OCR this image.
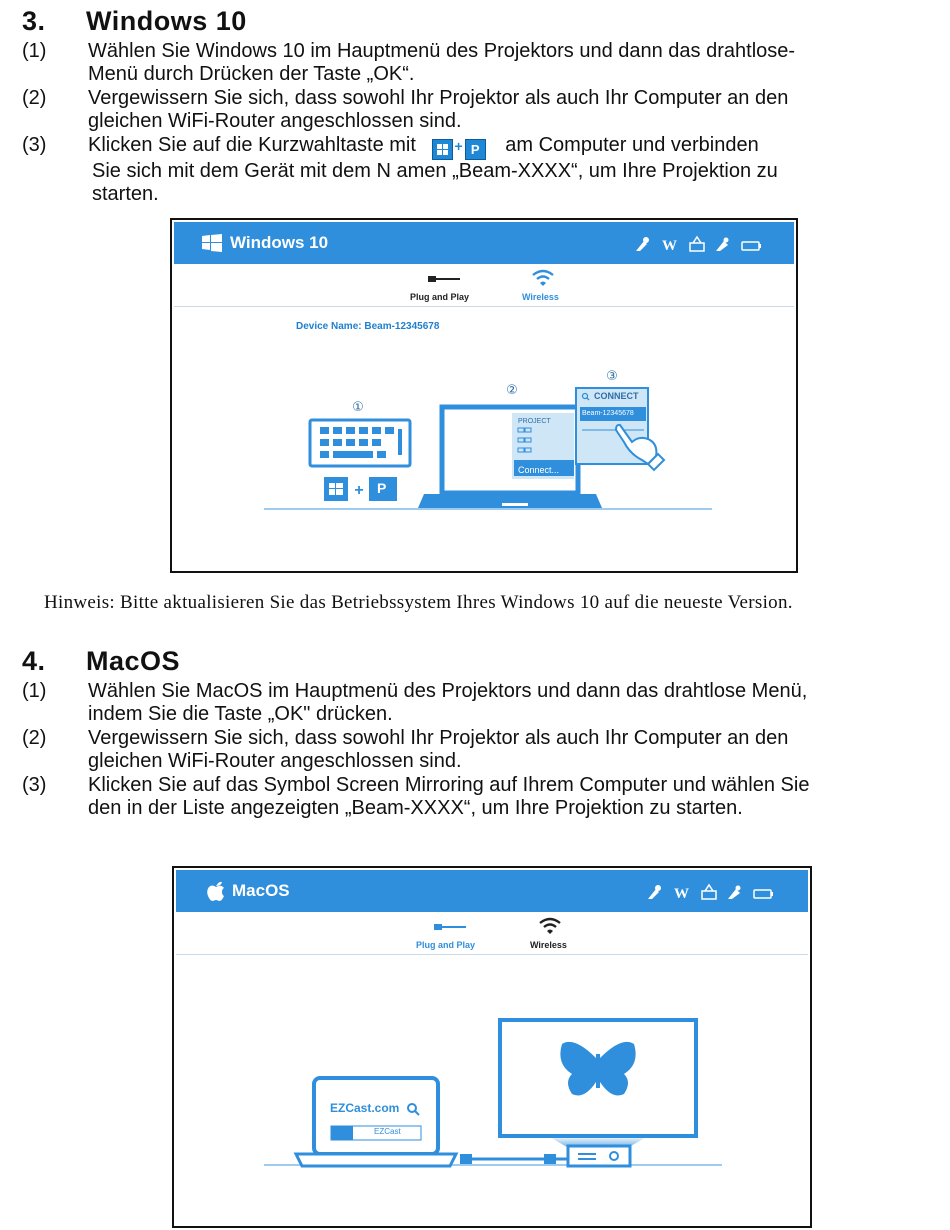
3. Windows 10
(1) Wählen Sie Windows 10 im Hauptmenü des Projektors und dann das drahtlose-
Menü durch Drücken der Taste „OK“.
(2) Vergewissern Sie sich, dass sowohl Ihr Projektor als auch Ihr Computer an den
gleichen WiFi-Router angeschlossen sind.
(3) Klicken Sie auf die Kurzwahltaste mit	+ P am Computer und verbinden
Sie sich mit dem Gerät mit dem N amen „Beam-XXXX“, um Ihre Projektion zu
starten.
Windows 10	W
Plug and Play	Wireless
Device Name: Beam-12345678
①
+
②
③
PROJECT
Connect...
CONNECT
Beam-12345678
P
Hinweis: Bitte aktualisieren Sie das Betriebssystem Ihres Windows 10 auf die neueste Version.
4. MacOS
(1) Wählen Sie MacOS im Hauptmenü des Projektors und dann das drahtlose Menü,
indem Sie die Taste „OK" drücken.
(2) Vergewissern Sie sich, dass sowohl Ihr Projektor als auch Ihr Computer an den
gleichen WiFi-Router angeschlossen sind.
(3) Klicken Sie auf das Symbol Screen Mirroring auf Ihrem Computer und wählen Sie
den in der Liste angezeigten „Beam-XXXX“, um Ihre Projektion zu starten.
MacOS	W
Plug and Play	Wireless
EZCast.com
EZCast
